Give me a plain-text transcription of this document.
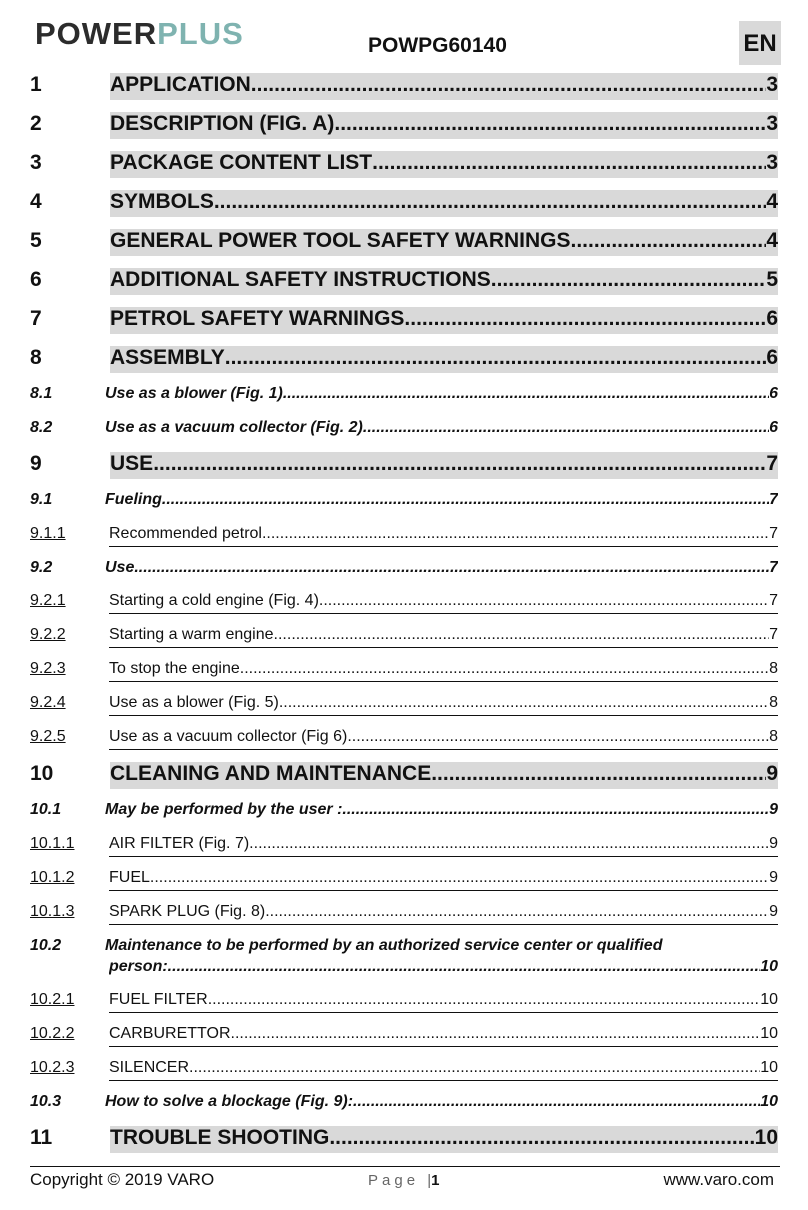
POWERPLUS	POWPG60140	EN
1	APPLICATION .....	3
2	DESCRIPTION (FIG. A) .....	3
3	PACKAGE CONTENT LIST .....	3
4	SYMBOLS .....	4
5	GENERAL POWER TOOL SAFETY WARNINGS .....	4
6	ADDITIONAL SAFETY INSTRUCTIONS .....	5
7	PETROL SAFETY WARNINGS .....	6
8	ASSEMBLY .....	6
8.1	Use as a blower (Fig. 1) .....	6
8.2	Use as a vacuum collector (Fig. 2) .....	6
9	USE .....	7
9.1	Fueling .....	7
9.1.1	Recommended petrol .....	7
9.2	Use .....	7
9.2.1	Starting a cold engine (Fig. 4) .....	7
9.2.2	Starting a warm engine .....	7
9.2.3	To stop the engine .....	8
9.2.4	Use as a blower (Fig. 5) .....	8
9.2.5	Use as a vacuum collector (Fig 6) .....	8
10	CLEANING AND MAINTENANCE .....	9
10.1	May be performed by the user : .....	9
10.1.1 AIR FILTER (Fig. 7) .....	9
10.1.2 FUEL .....	9
10.1.3 SPARK PLUG (Fig. 8) .....	9
10.2	Maintenance to be performed by an authorized service center or qualified
person: .....	10
10.2.1 FUEL FILTER .....	10
10.2.2 CARBURETTOR .....	10
10.2.3 SILENCER .....	10
10.3	How to solve a blockage (Fig. 9): .....	10
11	TROUBLE SHOOTING .....	10
Copyright © 2019 VARO	Page |1	www.varo.com
